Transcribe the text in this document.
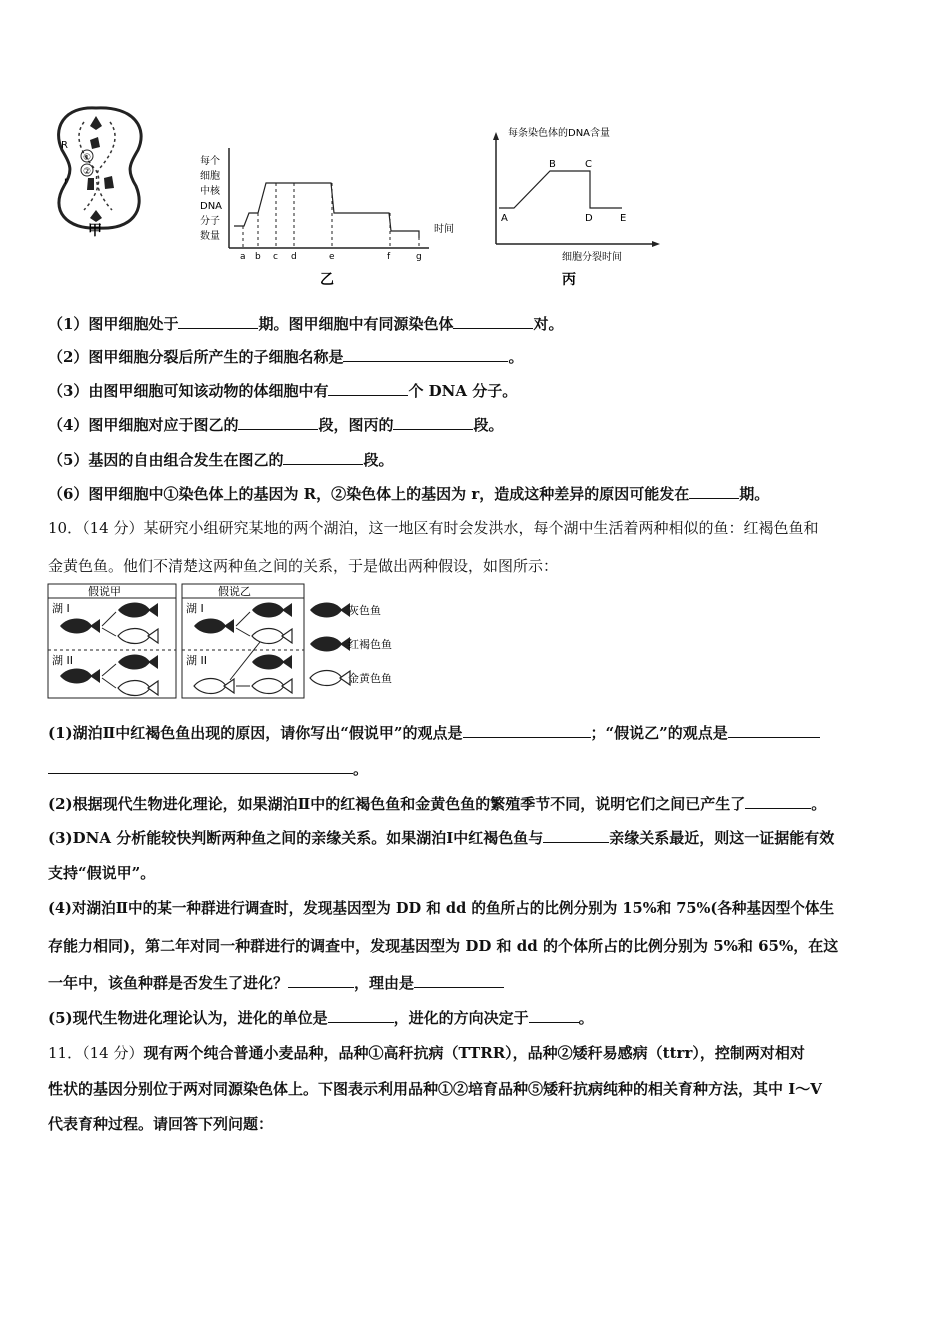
R
①
②
r
甲
每个
细胞
中核
DNA
分子
数量
时间
a b c d	e	f	g
乙
每条染色体的DNA含量
细胞分裂时间
A
B	C
D	E
丙
（1）图甲细胞处于	期。图甲细胞中有同源染色体	对。
（2）图甲细胞分裂后所产生的子细胞名称是	。
（3）由图甲细胞可知该动物的体细胞中有	个 DNA 分子。
（4）图甲细胞对应于图乙的	段，图丙的	段。
（5）基因的自由组合发生在图乙的	段。
（6）图甲细胞中①染色体上的基因为 R，②染色体上的基因为 r，造成这种差异的原因可能发在	期。
10．（14 分）某研究小组研究某地的两个湖泊，这一地区有时会发洪水，每个湖中生活着两种相似的鱼：红褐色鱼和
金黄色鱼。他们不清楚这两种鱼之间的关系，于是做出两种假设，如图所示：
假说甲
湖 I
湖 II
假说乙
湖 I
湖 II
灰色鱼
红褐色鱼
金黄色鱼
(1)湖泊Ⅱ中红褐色鱼出现的原因，请你写出“假说甲”的观点是	；“假说乙”的观点是
。
(2)根据现代生物进化理论，如果湖泊Ⅱ中的红褐色鱼和金黄色鱼的繁殖季节不同，说明它们之间已产生了	。
(3)DNA 分析能较快判断两种鱼之间的亲缘关系。如果湖泊Ⅰ中红褐色鱼与	亲缘关系最近，则这一证据能有效
支持“假说甲”。
(4)对湖泊Ⅱ中的某一种群进行调查时，发现基因型为 DD 和 dd 的鱼所占的比例分别为 15%和 75%(各种基因型个体生
存能力相同)，第二年对同一种群进行的调查中，发现基因型为 DD 和 dd 的个体所占的比例分别为 5%和 65%，在这
一年中，该鱼种群是否发生了进化？	，理由是
(5)现代生物进化理论认为，进化的单位是	，进化的方向决定于	。
11．（14 分）现有两个纯合普通小麦品种，品种①高秆抗病（TTRR），品种②矮秆易感病（ttrr），控制两对相对
性状的基因分别位于两对同源染色体上。下图表示利用品种①②培育品种⑤矮秆抗病纯种的相关育种方法，其中 I～V
代表育种过程。请回答下列问题：
